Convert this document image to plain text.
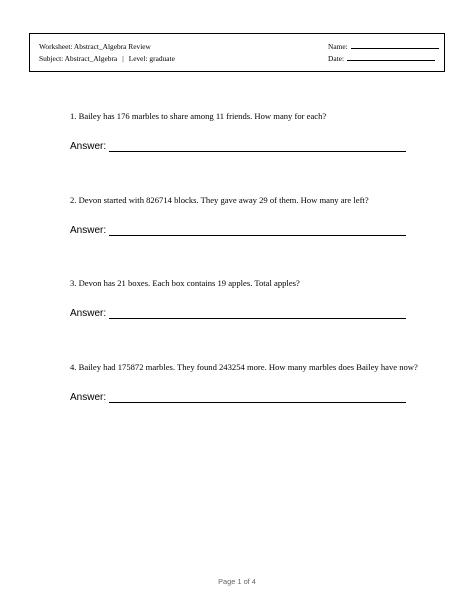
Worksheet: Abstract_Algebra Review
Subject: Abstract_Algebra | Level: graduate
Name:
Date:
1. Bailey has 176 marbles to share among 11 friends. How many for each?
Answer:
2. Devon started with 826714 blocks. They gave away 29 of them. How many are left?
Answer:
3. Devon has 21 boxes. Each box contains 19 apples. Total apples?
Answer:
4. Bailey had 175872 marbles. They found 243254 more. How many marbles does Bailey have now?
Answer:
Page 1 of 4
